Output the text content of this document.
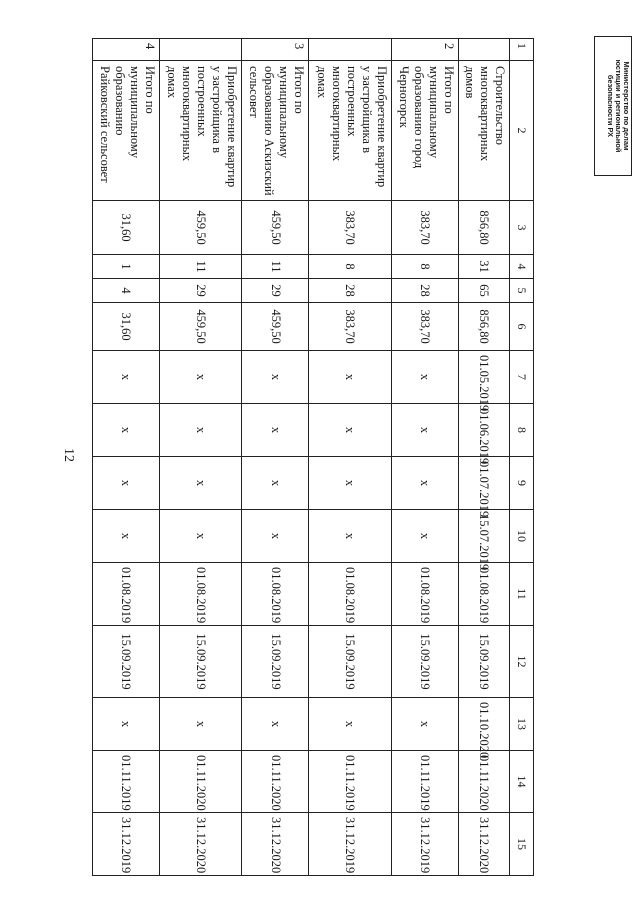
12
Министерство по делам
юстиции и региональной
безопасности РХ
1	2	3	4	5	6	7	8	9	10	11	12	13	14	15
	Строительство многоквартирных домов	856,80	31	65	856,80	01.05.2019	01.06.2019	01.07.2019	15.07.2019	01.08.2019	15.09.2019	01.10.2020	01.11.2020	31.12.2020
2	Итого по муниципальному образованию город Черногорск	383,70	8	28	383,70	x	x	x	x	01.08.2019	15.09.2019	x	01.11.2019	31.12.2019
	Приобретение квартир у застройщика в построенных многоквартирных домах	383,70	8	28	383,70	x	x	x	x	01.08.2019	15.09.2019	x	01.11.2019	31.12.2019
3	Итого по муниципальному образованию Аскизский сельсовет	459,50	11	29	459,50	x	x	x	x	01.08.2019	15.09.2019	x	01.11.2020	31.12.2020
	Приобретение квартир у застройщика в построенных многоквартирных домах	459,50	11	29	459,50	x	x	x	x	01.08.2019	15.09.2019	x	01.11.2020	31.12.2020
4	Итого по муниципальному образованию Райковский сельсовет	31,60	1	4	31,60	x	x	x	x	01.08.2019	15.09.2019	x	01.11.2019	31.12.2019
